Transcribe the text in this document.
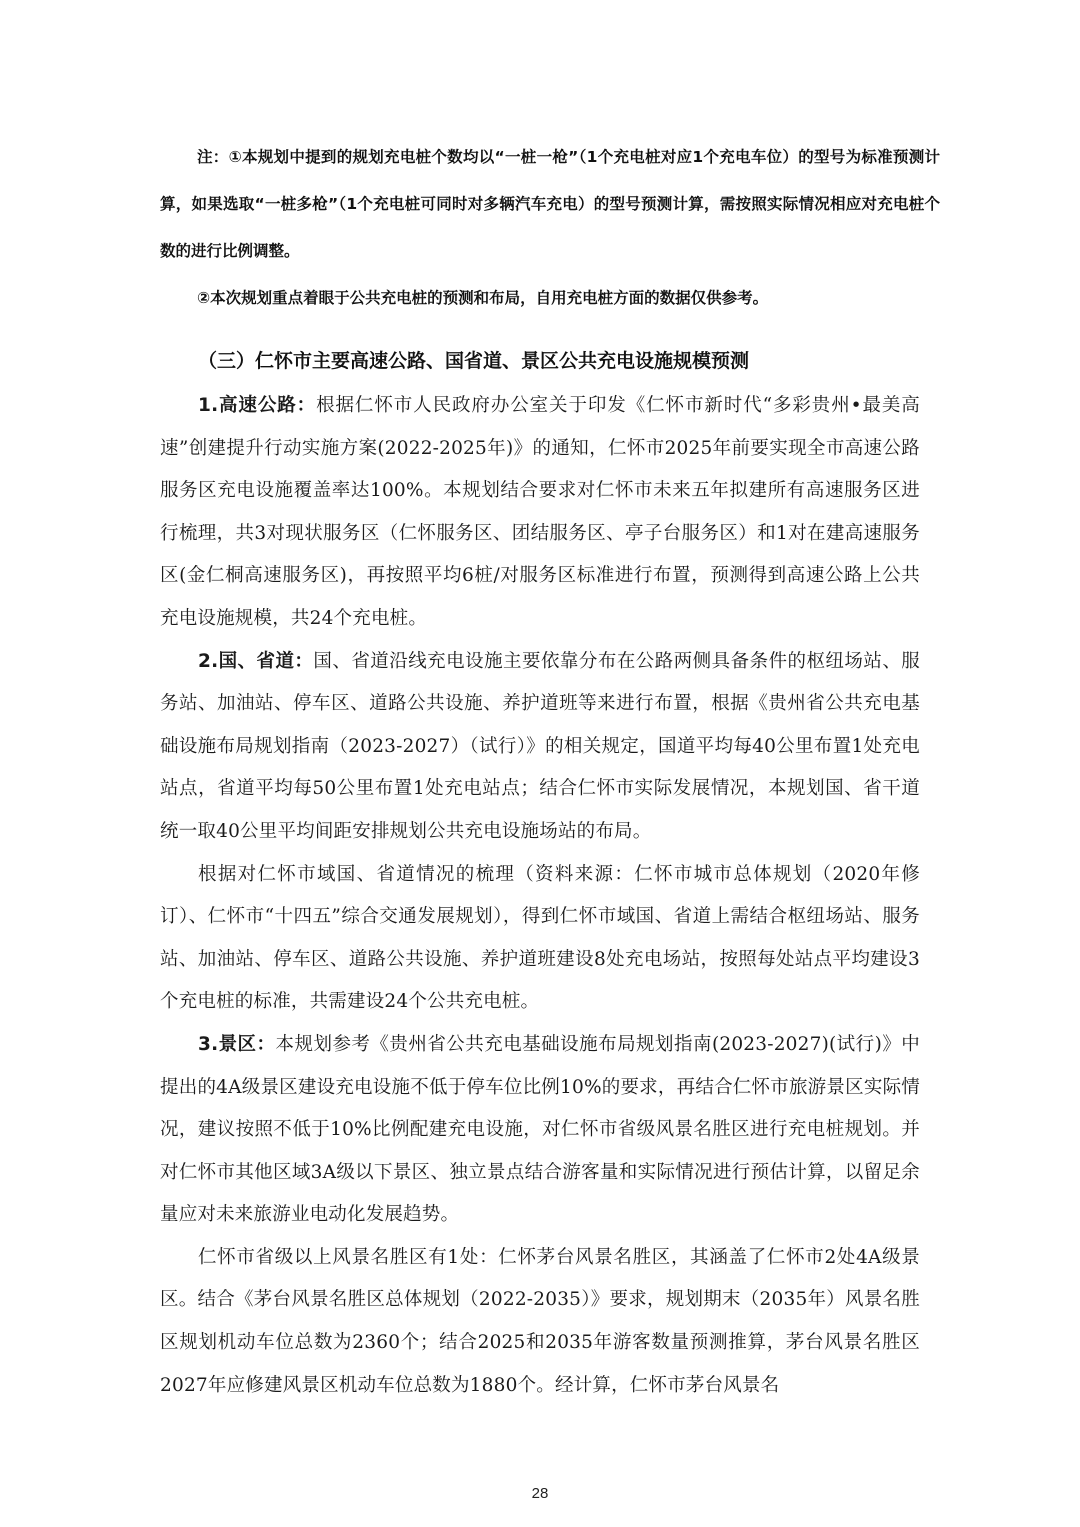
注：①本规划中提到的规划充电桩个数均以“一桩一枪”（1个充电桩对应1个充电车位）的型号为标准预测计算，如果选取“一桩多枪”（1个充电桩可同时对多辆汽车充电）的型号预测计算，需按照实际情况相应对充电桩个数的进行比例调整。

②本次规划重点着眼于公共充电桩的预测和布局，自用充电桩方面的数据仅供参考。

（三）仁怀市主要高速公路、国省道、景区公共充电设施规模预测

1.高速公路：根据仁怀市人民政府办公室关于印发《仁怀市新时代“多彩贵州•最美高速”创建提升行动实施方案(2022-2025年)》的通知，仁怀市2025年前要实现全市高速公路服务区充电设施覆盖率达100%。本规划结合要求对仁怀市未来五年拟建所有高速服务区进行梳理，共3对现状服务区（仁怀服务区、团结服务区、亭子台服务区）和1对在建高速服务区(金仁桐高速服务区)，再按照平均6桩/对服务区标准进行布置，预测得到高速公路上公共充电设施规模，共24个充电桩。

2.国、省道：国、省道沿线充电设施主要依靠分布在公路两侧具备条件的枢纽场站、服务站、加油站、停车区、道路公共设施、养护道班等来进行布置，根据《贵州省公共充电基础设施布局规划指南（2023-2027）（试行）》的相关规定，国道平均每40公里布置1处充电站点，省道平均每50公里布置1处充电站点；结合仁怀市实际发展情况，本规划国、省干道统一取40公里平均间距安排规划公共充电设施场站的布局。

根据对仁怀市域国、省道情况的梳理（资料来源：仁怀市城市总体规划（2020年修订）、仁怀市“十四五”综合交通发展规划），得到仁怀市域国、省道上需结合枢纽场站、服务站、加油站、停车区、道路公共设施、养护道班建设8处充电场站，按照每处站点平均建设3个充电桩的标准，共需建设24个公共充电桩。

3.景区：本规划参考《贵州省公共充电基础设施布局规划指南(2023-2027)(试行)》中提出的4A级景区建设充电设施不低于停车位比例10%的要求，再结合仁怀市旅游景区实际情况，建议按照不低于10%比例配建充电设施，对仁怀市省级风景名胜区进行充电桩规划。并对仁怀市其他区域3A级以下景区、独立景点结合游客量和实际情况进行预估计算，以留足余量应对未来旅游业电动化发展趋势。

仁怀市省级以上风景名胜区有1处：仁怀茅台风景名胜区，其涵盖了仁怀市2处4A级景区。结合《茅台风景名胜区总体规划（2022-2035）》要求，规划期末（2035年）风景名胜区规划机动车位总数为2360个；结合2025和2035年游客数量预测推算，茅台风景名胜区2027年应修建风景区机动车位总数为1880个。经计算，仁怀市茅台风景名

28
